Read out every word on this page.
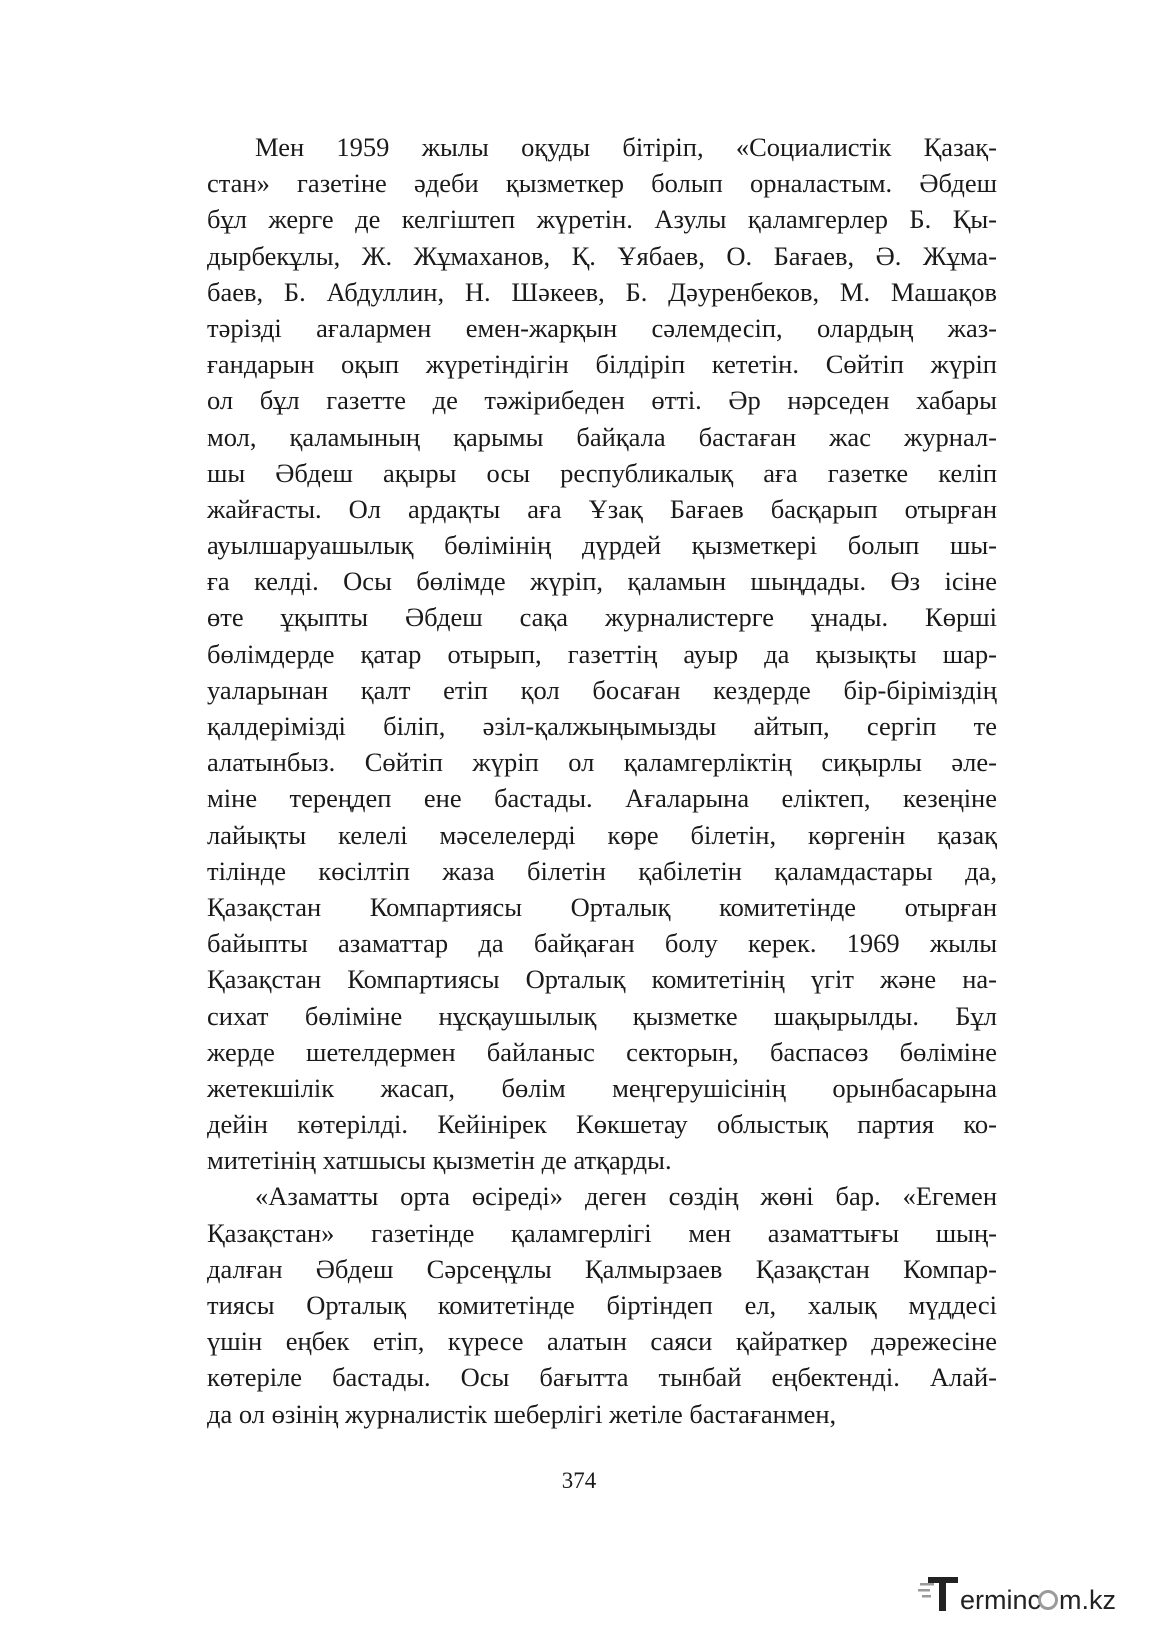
Мен 1959 жылы оқуды бітіріп, «Социалистік Қазақ-
стан» газетіне әдеби қызметкер болып орналастым. Әбдеш
бұл жерге де келгіштеп жүретін. Азулы қаламгерлер Б. Қы-
дырбекұлы, Ж. Жұмаханов, Қ. Ұябаев, О. Бағаев, Ә. Жұма-
баев, Б. Абдуллин, Н. Шәкеев, Б. Дәуренбеков, М. Машақов
тәрізді ағалармен емен-жарқын сәлемдесіп, олардың жаз-
ғандарын оқып жүретіндігін білдіріп кететін. Сөйтіп жүріп
ол бұл газетте де тәжірибеден өтті. Әр нәрседен хабары
мол, қаламының қарымы байқала бастаған жас журнал-
шы Әбдеш ақыры осы республикалық аға газетке келіп
жайғасты. Ол ардақты аға Ұзақ Бағаев басқарып отырған
ауылшаруашылық бөлімінің дүрдей қызметкері болып шы-
ға келді. Осы бөлімде жүріп, қаламын шыңдады. Өз ісіне
өте ұқыпты Әбдеш сақа журналистерге ұнады. Көрші
бөлімдерде қатар отырып, газеттің ауыр да қызықты шар-
уаларынан қалт етіп қол босаған кездерде бір-біріміздің
қалдерімізді біліп, әзіл-қалжыңымызды айтып, сергіп те
алатынбыз. Сөйтіп жүріп ол қаламгерліктің сиқырлы әле-
міне тереңдеп ене бастады. Ағаларына еліктеп, кезеңіне
лайықты келелі мәселелерді көре білетін, көргенін қазақ
тілінде көсілтіп жаза білетін қабілетін қаламдастары да,
Қазақстан Компартиясы Орталық комитетінде отырған
байыпты азаматтар да байқаған болу керек. 1969 жылы
Қазақстан Компартиясы Орталық комитетінің үгіт және на-
сихат бөліміне нұсқаушылық қызметке шақырылды. Бұл
жерде шетелдермен байланыс секторын, баспасөз бөліміне
жетекшілік жасап, бөлім меңгерушісінің орынбасарына
дейін көтерілді. Кейінірек Көкшетау облыстық партия ко-
митетінің хатшысы қызметін де атқарды.
«Азаматты орта өсіреді» деген сөздің жөні бар. «Егемен
Қазақстан» газетінде қаламгерлігі мен азаматтығы шың-
далған Әбдеш Сәрсеңұлы Қалмырзаев Қазақстан Компар-
тиясы Орталық комитетінде біртіндеп ел, халық мүддесі
үшін еңбек етіп, күресе алатын саяси қайраткер дәрежесіне
көтеріле бастады. Осы бағытта тынбай еңбектенді. Алай-
да ол өзінің журналистік шеберлігі жетіле бастағанмен,
374
erminc m.kz
